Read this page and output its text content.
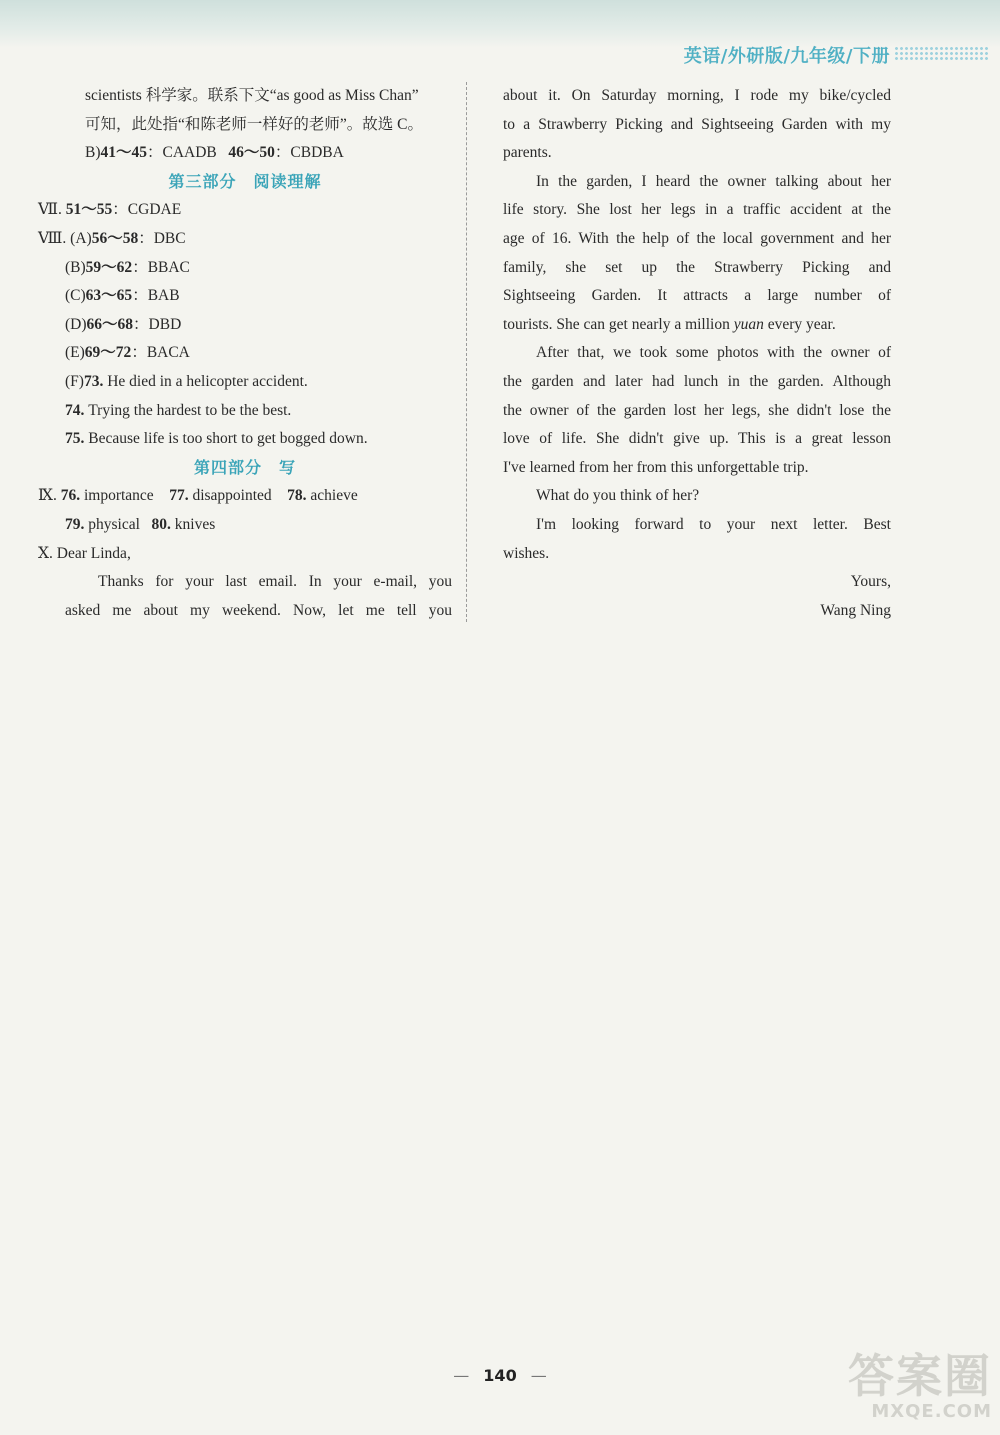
英语/外研版/九年级/下册
scientists 科学家。联系下文“as good as Miss Chan”
可知，此处指“和陈老师一样好的老师”。故选 C。
B)41～45：CAADB 46～50：CBDBA
第三部分　阅读理解
Ⅶ. 51～55：CGDAE
Ⅷ. (A)56～58：DBC
(B)59～62：BBAC
(C)63～65：BAB
(D)66～68：DBD
(E)69～72：BACA
(F)73. He died in a helicopter accident.
74. Trying the hardest to be the best.
75. Because life is too short to get bogged down.
第四部分　写
Ⅸ. 76. importance 77. disappointed 78. achieve
79. physical 80. knives
Ⅹ. Dear Linda,
Thanks for your last email. In your e-mail, you
asked me about my weekend. Now, let me tell you
about it. On Saturday morning, I rode my bike/cycled
to a Strawberry Picking and Sightseeing Garden with my
parents.
In the garden, I heard the owner talking about her
life story. She lost her legs in a traffic accident at the
age of 16. With the help of the local government and her
family, she set up the Strawberry Picking and
Sightseeing Garden. It attracts a large number of
tourists. She can get nearly a million yuan every year.
After that, we took some photos with the owner of
the garden and later had lunch in the garden. Although
the owner of the garden lost her legs, she didn't lose the
love of life. She didn't give up. This is a great lesson
I've learned from her from this unforgettable trip.
What do you think of her?
I'm looking forward to your next letter. Best
wishes.
Yours,
Wang Ning
— 140 —	答案圈
MXQE.COM
